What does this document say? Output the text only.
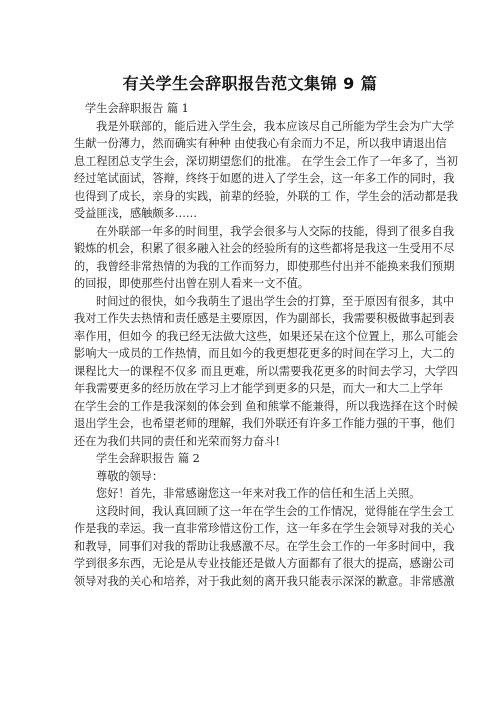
有关学生会辞职报告范文集锦 9 篇
学生会辞职报告 篇 1
我是外联部的，能后进入学生会，我本应该尽自己所能为学生会为广大学
生献一份薄力，然而确实有种种 由使我心有余而力不足，所以我申请退出信
息工程团总支学生会，深切期望您们的批准。 在学生会工作了一年多了，当初
经过笔试面试，答辩，终终于如愿的进入了学生会，这一年多工作的同时，我
也得到了成长，亲身的实践，前辈的经验，外联的工 作，学生会的活动都是我
受益匪浅，感触颇多……
在外联部一年多的时间里，我学会很多与人交际的技能，得到了很多自我
锻炼的机会，积累了很多融入社会的经验所有的这些都将是我这一生受用不尽
的，我曾经非常热情的为我的工作而努力，即使那些付出并不能换来我们预期
的回报，即使那些付出曾在别人看来一文不值。
时间过的很快，如今我萌生了退出学生会的打算，至于原因有很多，其中
我对工作失去热情和责任感是主要原因，作为副部长，我需要积极做事起到表
率作用，但如今 的我已经无法做大这些，如果还呆在这个位置上，那么可能会
影响大一成员的工作热情，而且如今的我更想花更多的时间在学习上，大二的
课程比大一的课程不仅多 而且更难，所以需要我花更多的时间去学习，大学四
年我需要更多的经历放在学习上才能学到更多的只是，而大一和大二上学年
在学生会的工作是我深刻的体会到 鱼和熊掌不能兼得，所以我选择在这个时候
退出学生会，也希望老师的理解，我们外联还有许多工作能力强的干事，他们
还在为我们共同的责任和光荣而努力奋斗!
学生会辞职报告 篇 2
尊敬的领导：
您好！首先，非常感谢您这一年来对我工作的信任和生活上关照。
这段时间，我认真回顾了这一年在学生会的工作情况，觉得能在学生会工
作是我的幸运。我一直非常珍惜这份工作，这一年多在学生会领导对我的关心
和教导，同事们对我的帮助让我感激不尽。在学生会工作的一年多时间中，我
学到很多东西，无论是从专业技能还是做人方面都有了很大的提高，感谢公司
领导对我的关心和培养，对于我此刻的离开我只能表示深深的歉意。非常感激
